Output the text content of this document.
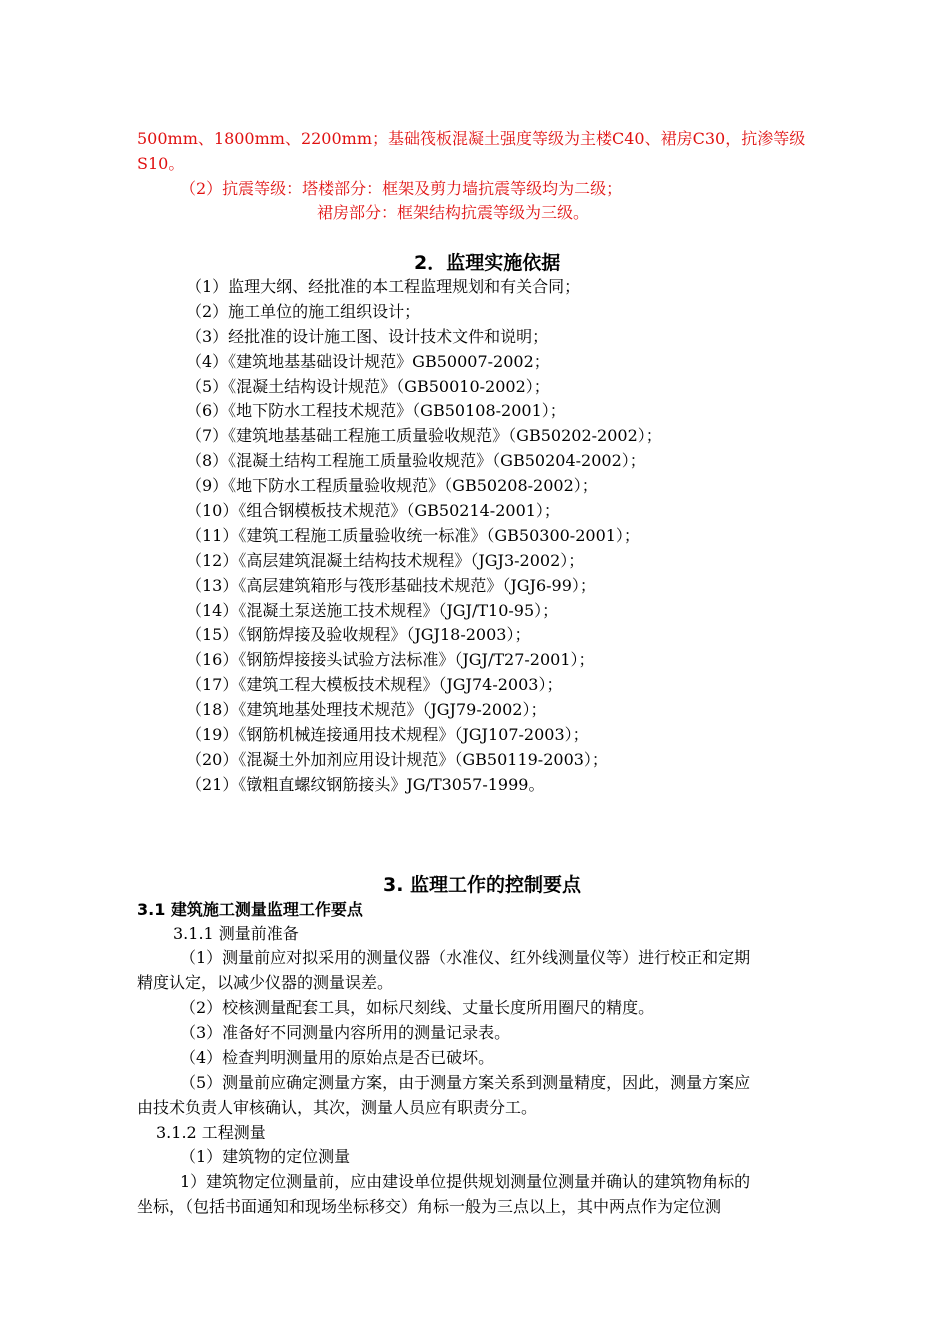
500mm、1800mm、2200mm；基础筏板混凝土强度等级为主楼C40、裙房C30，抗渗等级
S10。
（2）抗震等级：塔楼部分：框架及剪力墙抗震等级均为二级；
裙房部分：框架结构抗震等级为三级。
2．监理实施依据
（1）监理大纲、经批准的本工程监理规划和有关合同；
（2）施工单位的施工组织设计；
（3）经批准的设计施工图、设计技术文件和说明；
（4）《建筑地基基础设计规范》GB50007-2002；
（5）《混凝土结构设计规范》（GB50010-2002）；
（6）《地下防水工程技术规范》（GB50108-2001）；
（7）《建筑地基基础工程施工质量验收规范》（GB50202-2002）；
（8）《混凝土结构工程施工质量验收规范》（GB50204-2002）；
（9）《地下防水工程质量验收规范》（GB50208-2002）；
（10）《组合钢模板技术规范》（GB50214-2001）；
（11）《建筑工程施工质量验收统一标准》（GB50300-2001）；
（12）《高层建筑混凝土结构技术规程》（JGJ3-2002）；
（13）《高层建筑箱形与筏形基础技术规范》（JGJ6-99）；
（14）《混凝土泵送施工技术规程》（JGJ/T10-95）；
（15）《钢筋焊接及验收规程》（JGJ18-2003）；
（16）《钢筋焊接接头试验方法标准》（JGJ/T27-2001）；
（17）《建筑工程大模板技术规程》（JGJ74-2003）；
（18）《建筑地基处理技术规范》（JGJ79-2002）；
（19）《钢筋机械连接通用技术规程》（JGJ107-2003）；
（20）《混凝土外加剂应用设计规范》（GB50119-2003）；
（21）《镦粗直螺纹钢筋接头》JG/T3057-1999。
3. 监理工作的控制要点
3.1 建筑施工测量监理工作要点
3.1.1 测量前准备
（1）测量前应对拟采用的测量仪器（水准仪、红外线测量仪等）进行校正和定期
精度认定，以减少仪器的测量误差。
（2）校核测量配套工具，如标尺刻线、丈量长度所用圈尺的精度。
（3）准备好不同测量内容所用的测量记录表。
（4）检查判明测量用的原始点是否已破坏。
（5）测量前应确定测量方案，由于测量方案关系到测量精度，因此，测量方案应
由技术负责人审核确认，其次，测量人员应有职责分工。
3.1.2 工程测量
（1）建筑物的定位测量
1）建筑物定位测量前，应由建设单位提供规划测量位测量并确认的建筑物角标的
坐标，（包括书面通知和现场坐标移交）角标一般为三点以上，其中两点作为定位测
